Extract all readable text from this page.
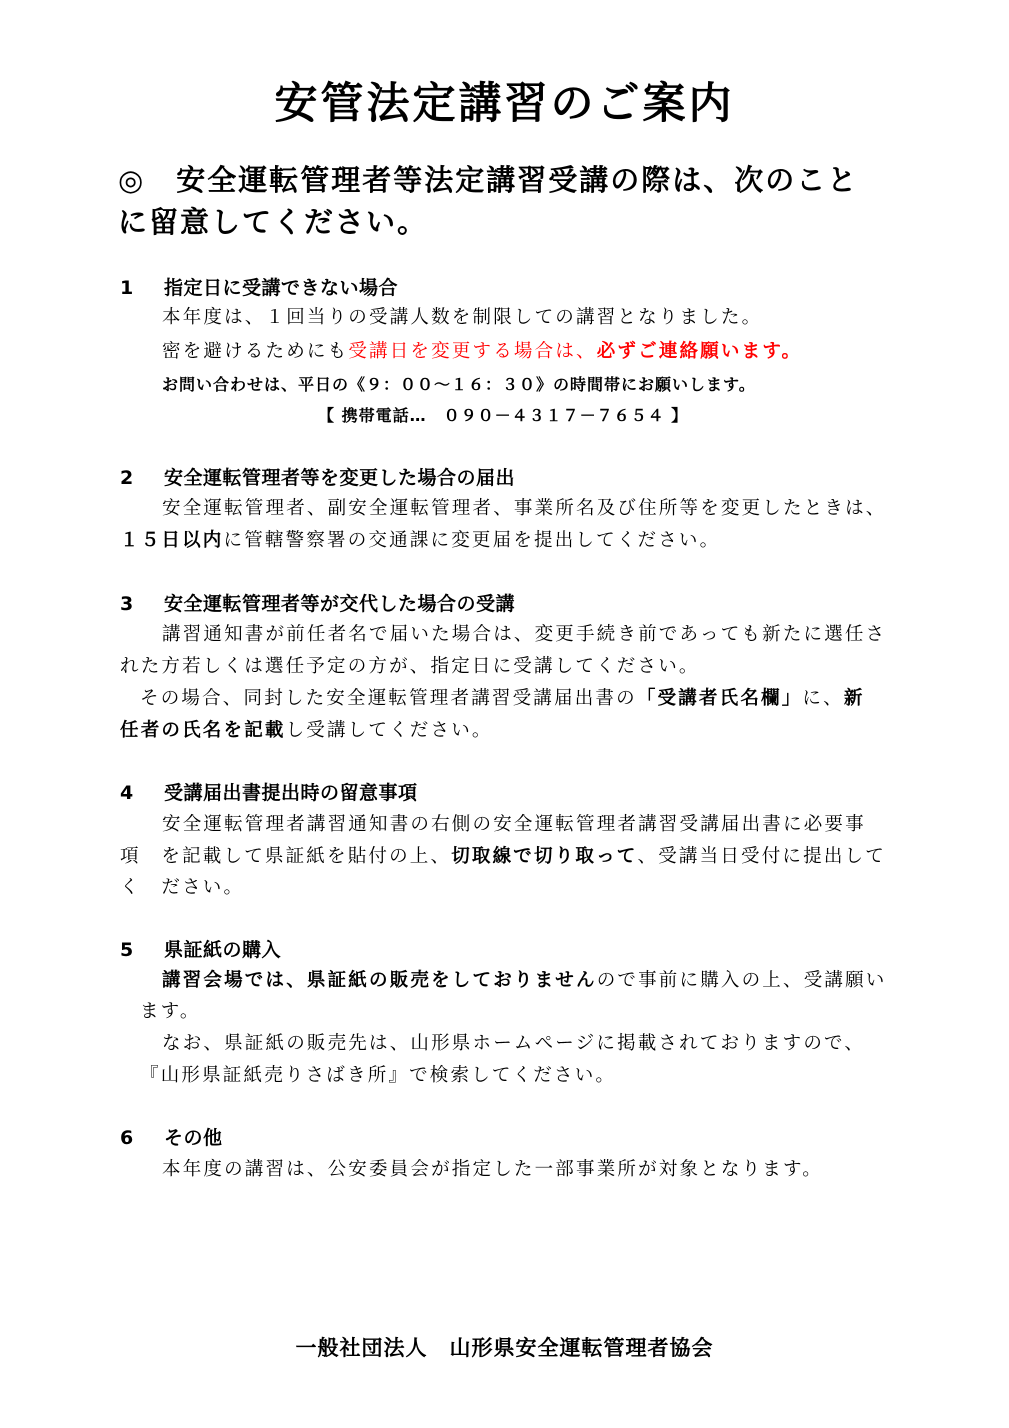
安管法定講習のご案内
◎　安全運転管理者等法定講習受講の際は、次のこと
に留意してください。
1 指定日に受講できない場合
本年度は、１回当りの受講人数を制限しての講習となりました。
密を避けるためにも受講日を変更する場合は、必ずご連絡願います。
お問い合わせは、平日の《９：００～１６：３０》の時間帯にお願いします。
【 携帯電話…　０９０－４３１７－７６５４ 】
2 安全運転管理者等を変更した場合の届出
安全運転管理者、副安全運転管理者、事業所名及び住所等を変更したときは、
１５日以内に管轄警察署の交通課に変更届を提出してください。
3 安全運転管理者等が交代した場合の受講
講習通知書が前任者名で届いた場合は、変更手続き前であっても新たに選任さ
れた方若しくは選任予定の方が、指定日に受講してください。
その場合、同封した安全運転管理者講習受講届出書の「受講者氏名欄」に、新
任者の氏名を記載し受講してください。
4 受講届出書提出時の留意事項
安全運転管理者講習通知書の右側の安全運転管理者講習受講届出書に必要事
項　を記載して県証紙を貼付の上、切取線で切り取って、受講当日受付に提出して
く　ださい。
5 県証紙の購入
講習会場では、県証紙の販売をしておりませんので事前に購入の上、受講願い
ます。
なお、県証紙の販売先は、山形県ホームページに掲載されておりますので、
『山形県証紙売りさばき所』で検索してください。
6 その他
本年度の講習は、公安委員会が指定した一部事業所が対象となります。
一般社団法人　山形県安全運転管理者協会
